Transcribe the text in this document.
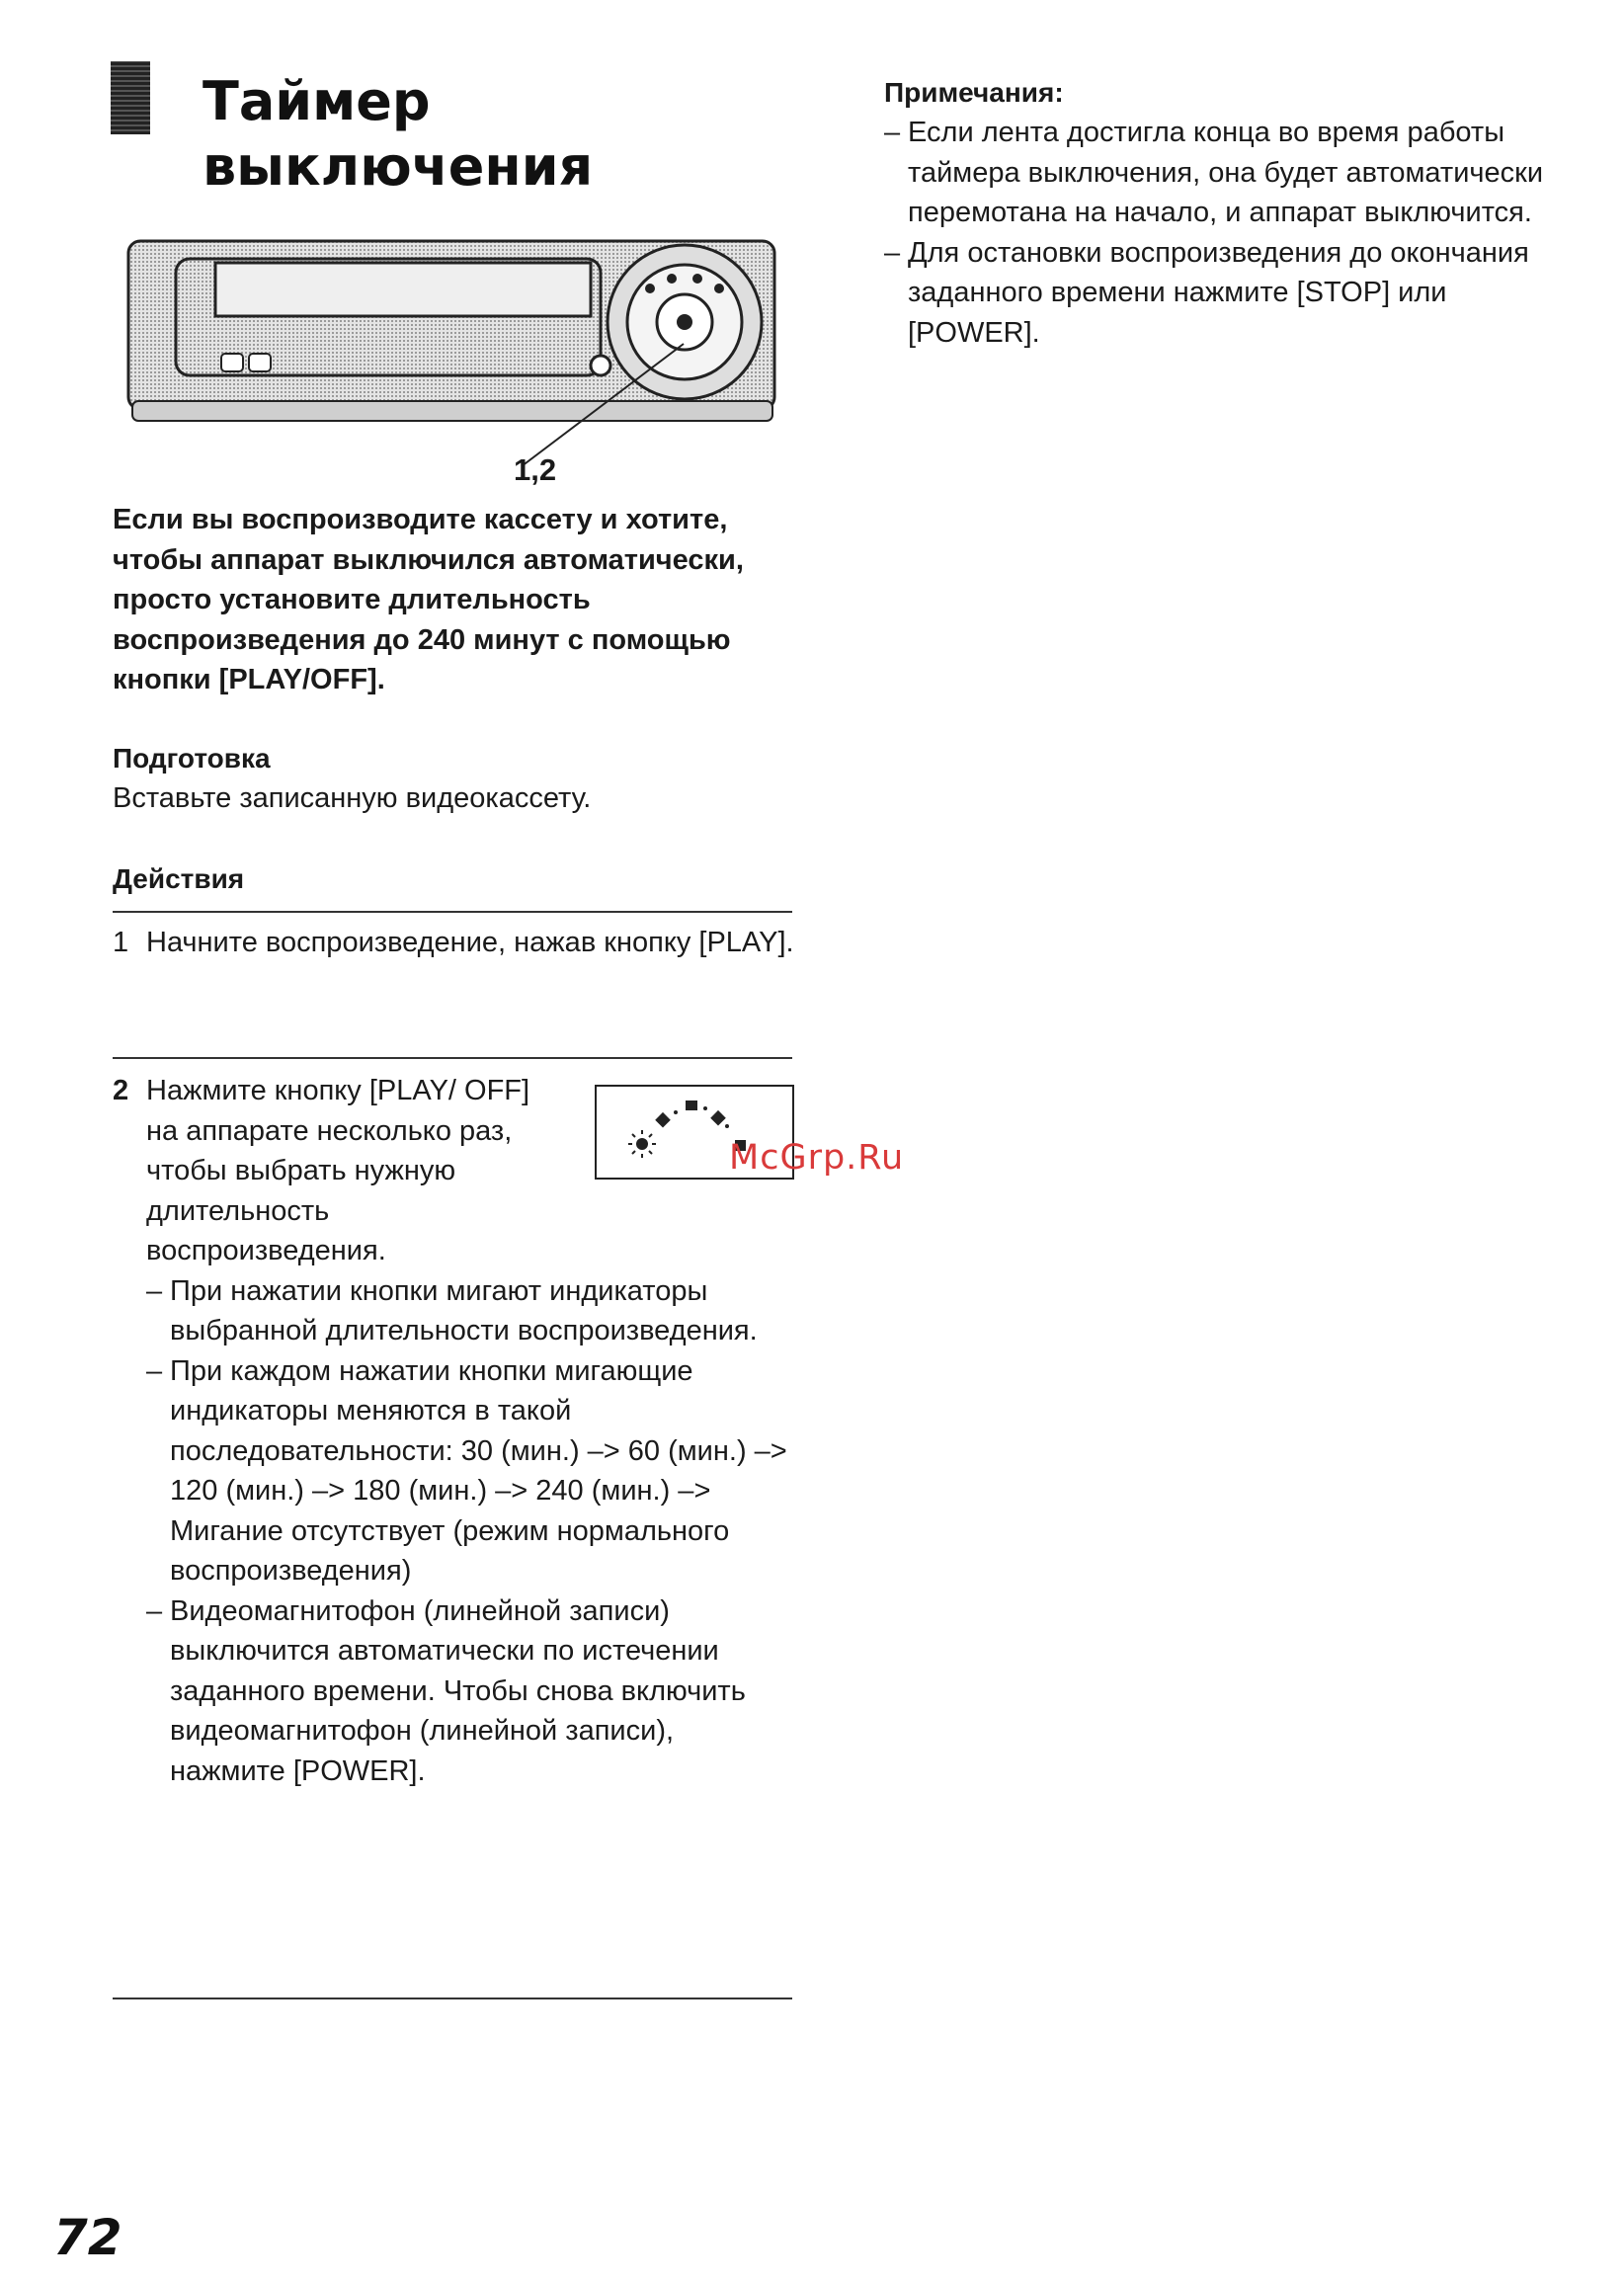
Таймер
выключения
1,2
Если вы воспроизводите кассету и хотите, чтобы аппарат выключился автоматически, просто установите длительность воспроизведения до 240 минут с помощью кнопки [PLAY/OFF].
Подготовка
Вставьте записанную видеокассету.
Действия
1 Начните воспроизведение, нажав кнопку [PLAY].
2 Нажмите кнопку [PLAY/ OFF] на аппарате несколько раз, чтобы выбрать нужную длительность воспроизведения.
– При нажатии кнопки мигают индикаторы выбранной длительности воспроизведения.
– При каждом нажатии кнопки мигающие индикаторы меняются в такой последовательности: 30 (мин.) –> 60 (мин.) –> 120 (мин.) –> 180 (мин.) –> 240 (мин.) –> Мигание отсутствует (режим нормального воспроизведения)
– Видеомагнитофон (линейной записи) выключится автоматически по истечении заданного времени. Чтобы снова включить видеомагнитофон (линейной записи), нажмите [POWER].
McGrp.Ru
Примечания:
– Если лента достигла конца во время работы таймера выключения, она будет автоматически перемотана на начало, и аппарат выключится.
– Для остановки воспроизведения до окончания заданного времени нажмите [STOP] или [POWER].
72
